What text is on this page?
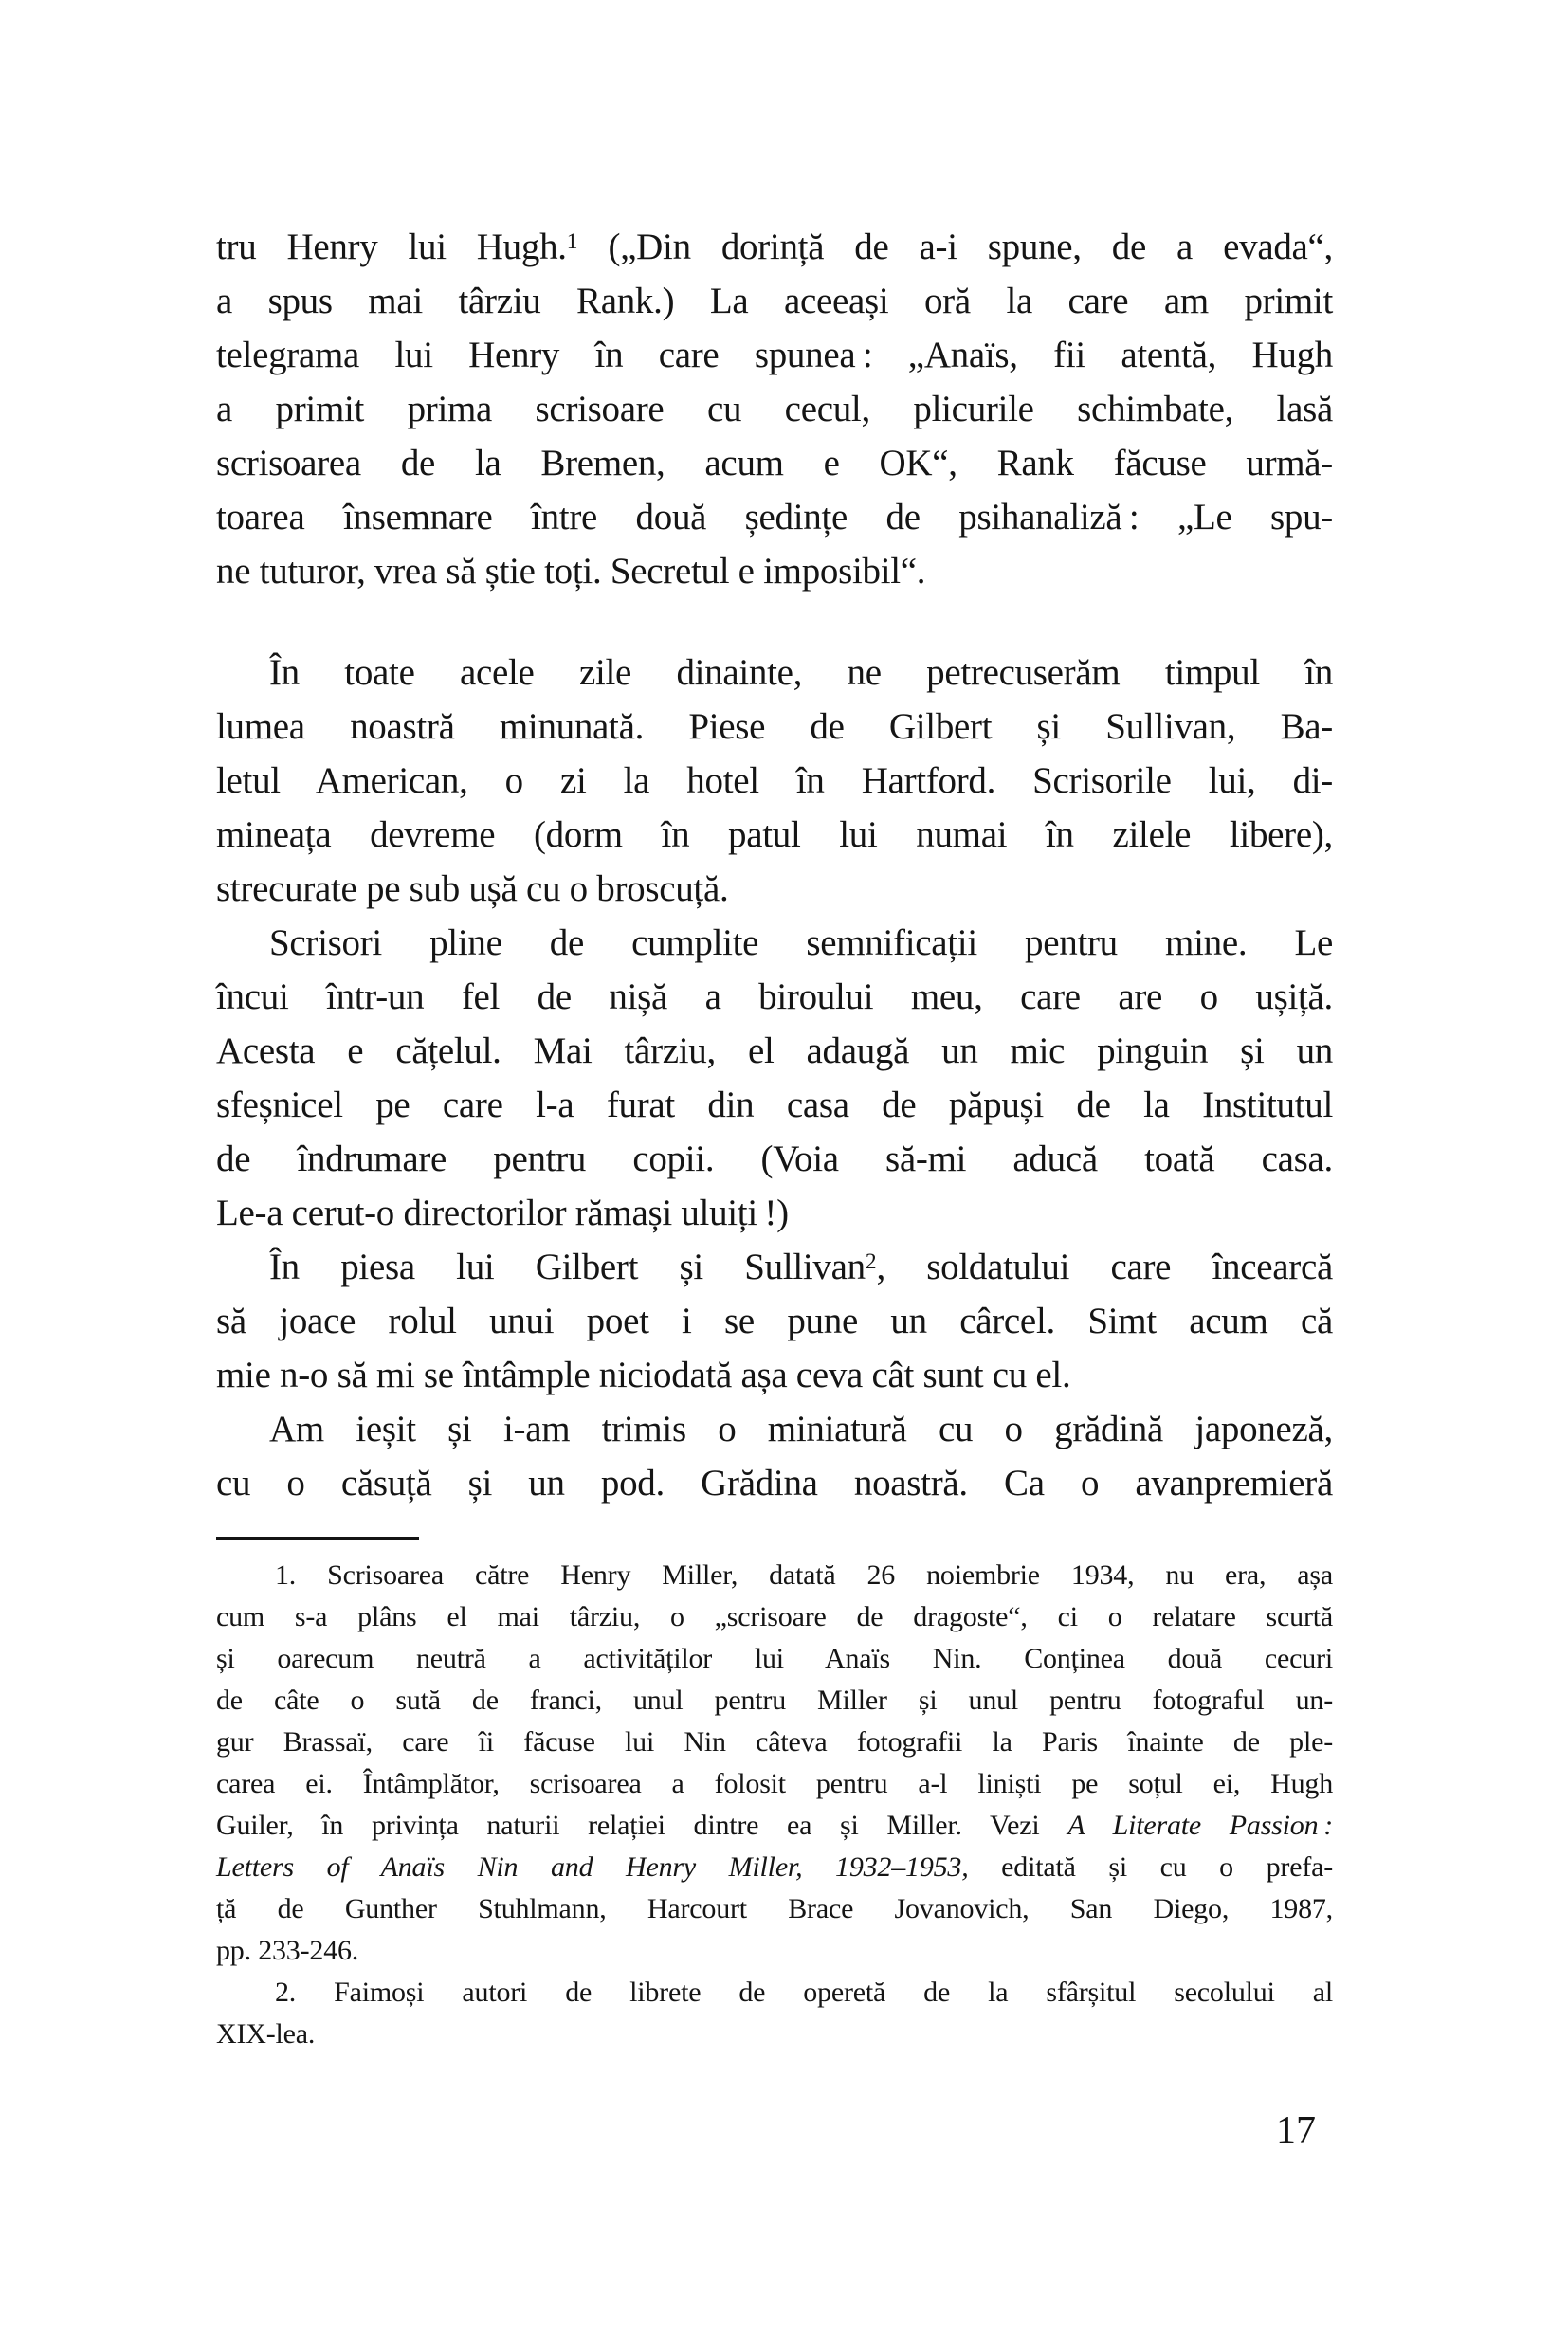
tru Henry lui Hugh.$^1$ („Din dorință de a-i spune, de a evada“,
a spus mai târziu Rank.) La aceeași oră la care am primit
telegrama lui Henry în care spunea : „Anaïs, fii atentă, Hugh
a primit prima scrisoare cu cecul, plicurile schimbate, lasă
scrisoarea de la Bremen, acum e OK“, Rank făcuse urmă-
toarea însemnare între două ședințe de psihanaliză : „Le spu-
ne tuturor, vrea să știe toți. Secretul e imposibil“.
În toate acele zile dinainte, ne petrecuserăm timpul în
lumea noastră minunată. Piese de Gilbert și Sullivan, Ba-
letul American, o zi la hotel în Hartford. Scrisorile lui, di-
mineața devreme (dorm în patul lui numai în zilele libere),
strecurate pe sub ușă cu o broscuță.
Scrisori pline de cumplite semnificații pentru mine. Le
încui într-un fel de nișă a biroului meu, care are o ușiță.
Acesta e cățelul. Mai târziu, el adaugă un mic pinguin și un
sfeșnicel pe care l-a furat din casa de păpuși de la Institutul
de îndrumare pentru copii. (Voia să-mi aducă toată casa.
Le-a cerut-o directorilor rămași uluiți !)
În piesa lui Gilbert și Sullivan$^2$, soldatului care încearcă
să joace rolul unui poet i se pune un cârcel. Simt acum că
mie n-o să mi se întâmple niciodată așa ceva cât sunt cu el.
Am ieșit și i-am trimis o miniatură cu o grădină japoneză,
cu o căsuță și un pod. Grădina noastră. Ca o avanpremieră
1. Scrisoarea către Henry Miller, datată 26 noiembrie 1934, nu era, așa
cum s-a plâns el mai târziu, o „scrisoare de dragoste“, ci o relatare scurtă
și oarecum neutră a activităților lui Anaïs Nin. Conținea două cecuri
de câte o sută de franci, unul pentru Miller și unul pentru fotograful un-
gur Brassaï, care îi făcuse lui Nin câteva fotografii la Paris înainte de ple-
carea ei. Întâmplător, scrisoarea a folosit pentru a-l liniști pe soțul ei, Hugh
Guiler, în privința naturii relației dintre ea și Miller. Vezi A Literate Passion :
Letters of Anaïs Nin and Henry Miller, 1932–1953, editată și cu o prefa-
ță de Gunther Stuhlmann, Harcourt Brace Jovanovich, San Diego, 1987,
pp. 233-246.
2. Faimoși autori de librete de operetă de la sfârșitul secolului al
XIX-lea.
17
